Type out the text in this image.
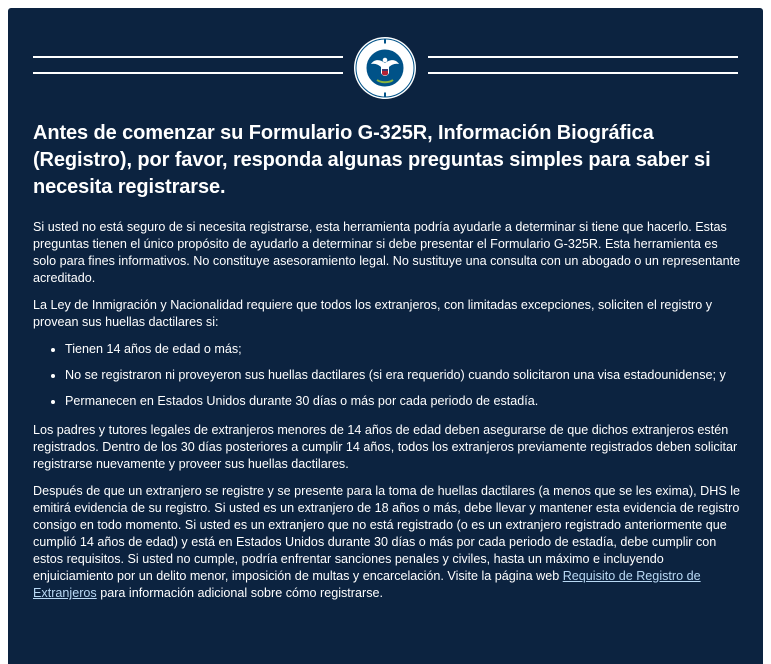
Antes de comenzar su Formulario G-325R, Información Biográfica (Registro), por favor, responda algunas preguntas simples para saber si necesita registrarse.

Si usted no está seguro de si necesita registrarse, esta herramienta podría ayudarle a determinar si tiene que hacerlo. Estas preguntas tienen el único propósito de ayudarlo a determinar si debe presentar el Formulario G-325R. Esta herramienta es solo para fines informativos. No constituye asesoramiento legal. No sustituye una consulta con un abogado o un representante acreditado.

La Ley de Inmigración y Nacionalidad requiere que todos los extranjeros, con limitadas excepciones, soliciten el registro y provean sus huellas dactilares si:

• Tienen 14 años de edad o más;
• No se registraron ni proveyeron sus huellas dactilares (si era requerido) cuando solicitaron una visa estadounidense; y
• Permanecen en Estados Unidos durante 30 días o más por cada periodo de estadía.

Los padres y tutores legales de extranjeros menores de 14 años de edad deben asegurarse de que dichos extranjeros estén registrados. Dentro de los 30 días posteriores a cumplir 14 años, todos los extranjeros previamente registrados deben solicitar registrarse nuevamente y proveer sus huellas dactilares.

Después de que un extranjero se registre y se presente para la toma de huellas dactilares (a menos que se les exima), DHS le emitirá evidencia de su registro. Si usted es un extranjero de 18 años o más, debe llevar y mantener esta evidencia de registro consigo en todo momento. Si usted es un extranjero que no está registrado (o es un extranjero registrado anteriormente que cumplió 14 años de edad) y está en Estados Unidos durante 30 días o más por cada periodo de estadía, debe cumplir con estos requisitos. Si usted no cumple, podría enfrentar sanciones penales y civiles, hasta un máximo e incluyendo enjuiciamiento por un delito menor, imposición de multas y encarcelación. Visite la página web Requisito de Registro de Extranjeros para información adicional sobre cómo registrarse.
